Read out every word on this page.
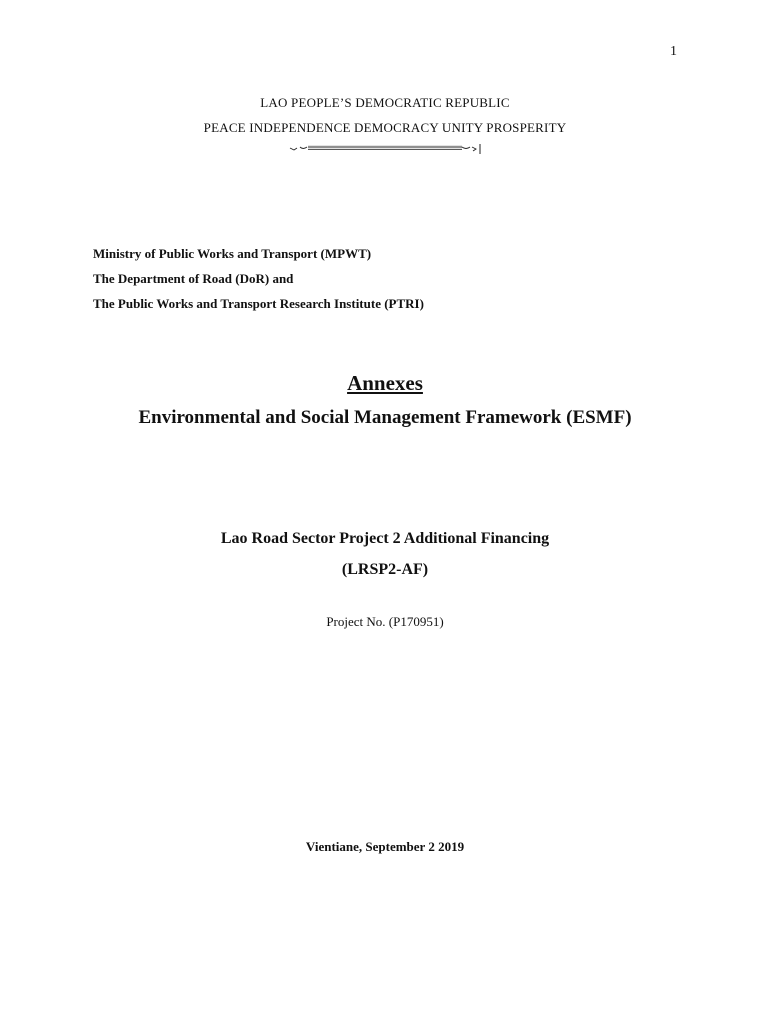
1
LAO PEOPLE’S DEMOCRATIC REPUBLIC
PEACE INDEPENDENCE DEMOCRACY UNITY PROSPERITY
Ministry of Public Works and Transport (MPWT)
The Department of Road (DoR) and
The Public Works and Transport Research Institute (PTRI)
Annexes
Environmental and Social Management Framework (ESMF)
Lao Road Sector Project 2 Additional Financing
(LRSP2-AF)
Project No. (P170951)
Vientiane, September 2 2019
